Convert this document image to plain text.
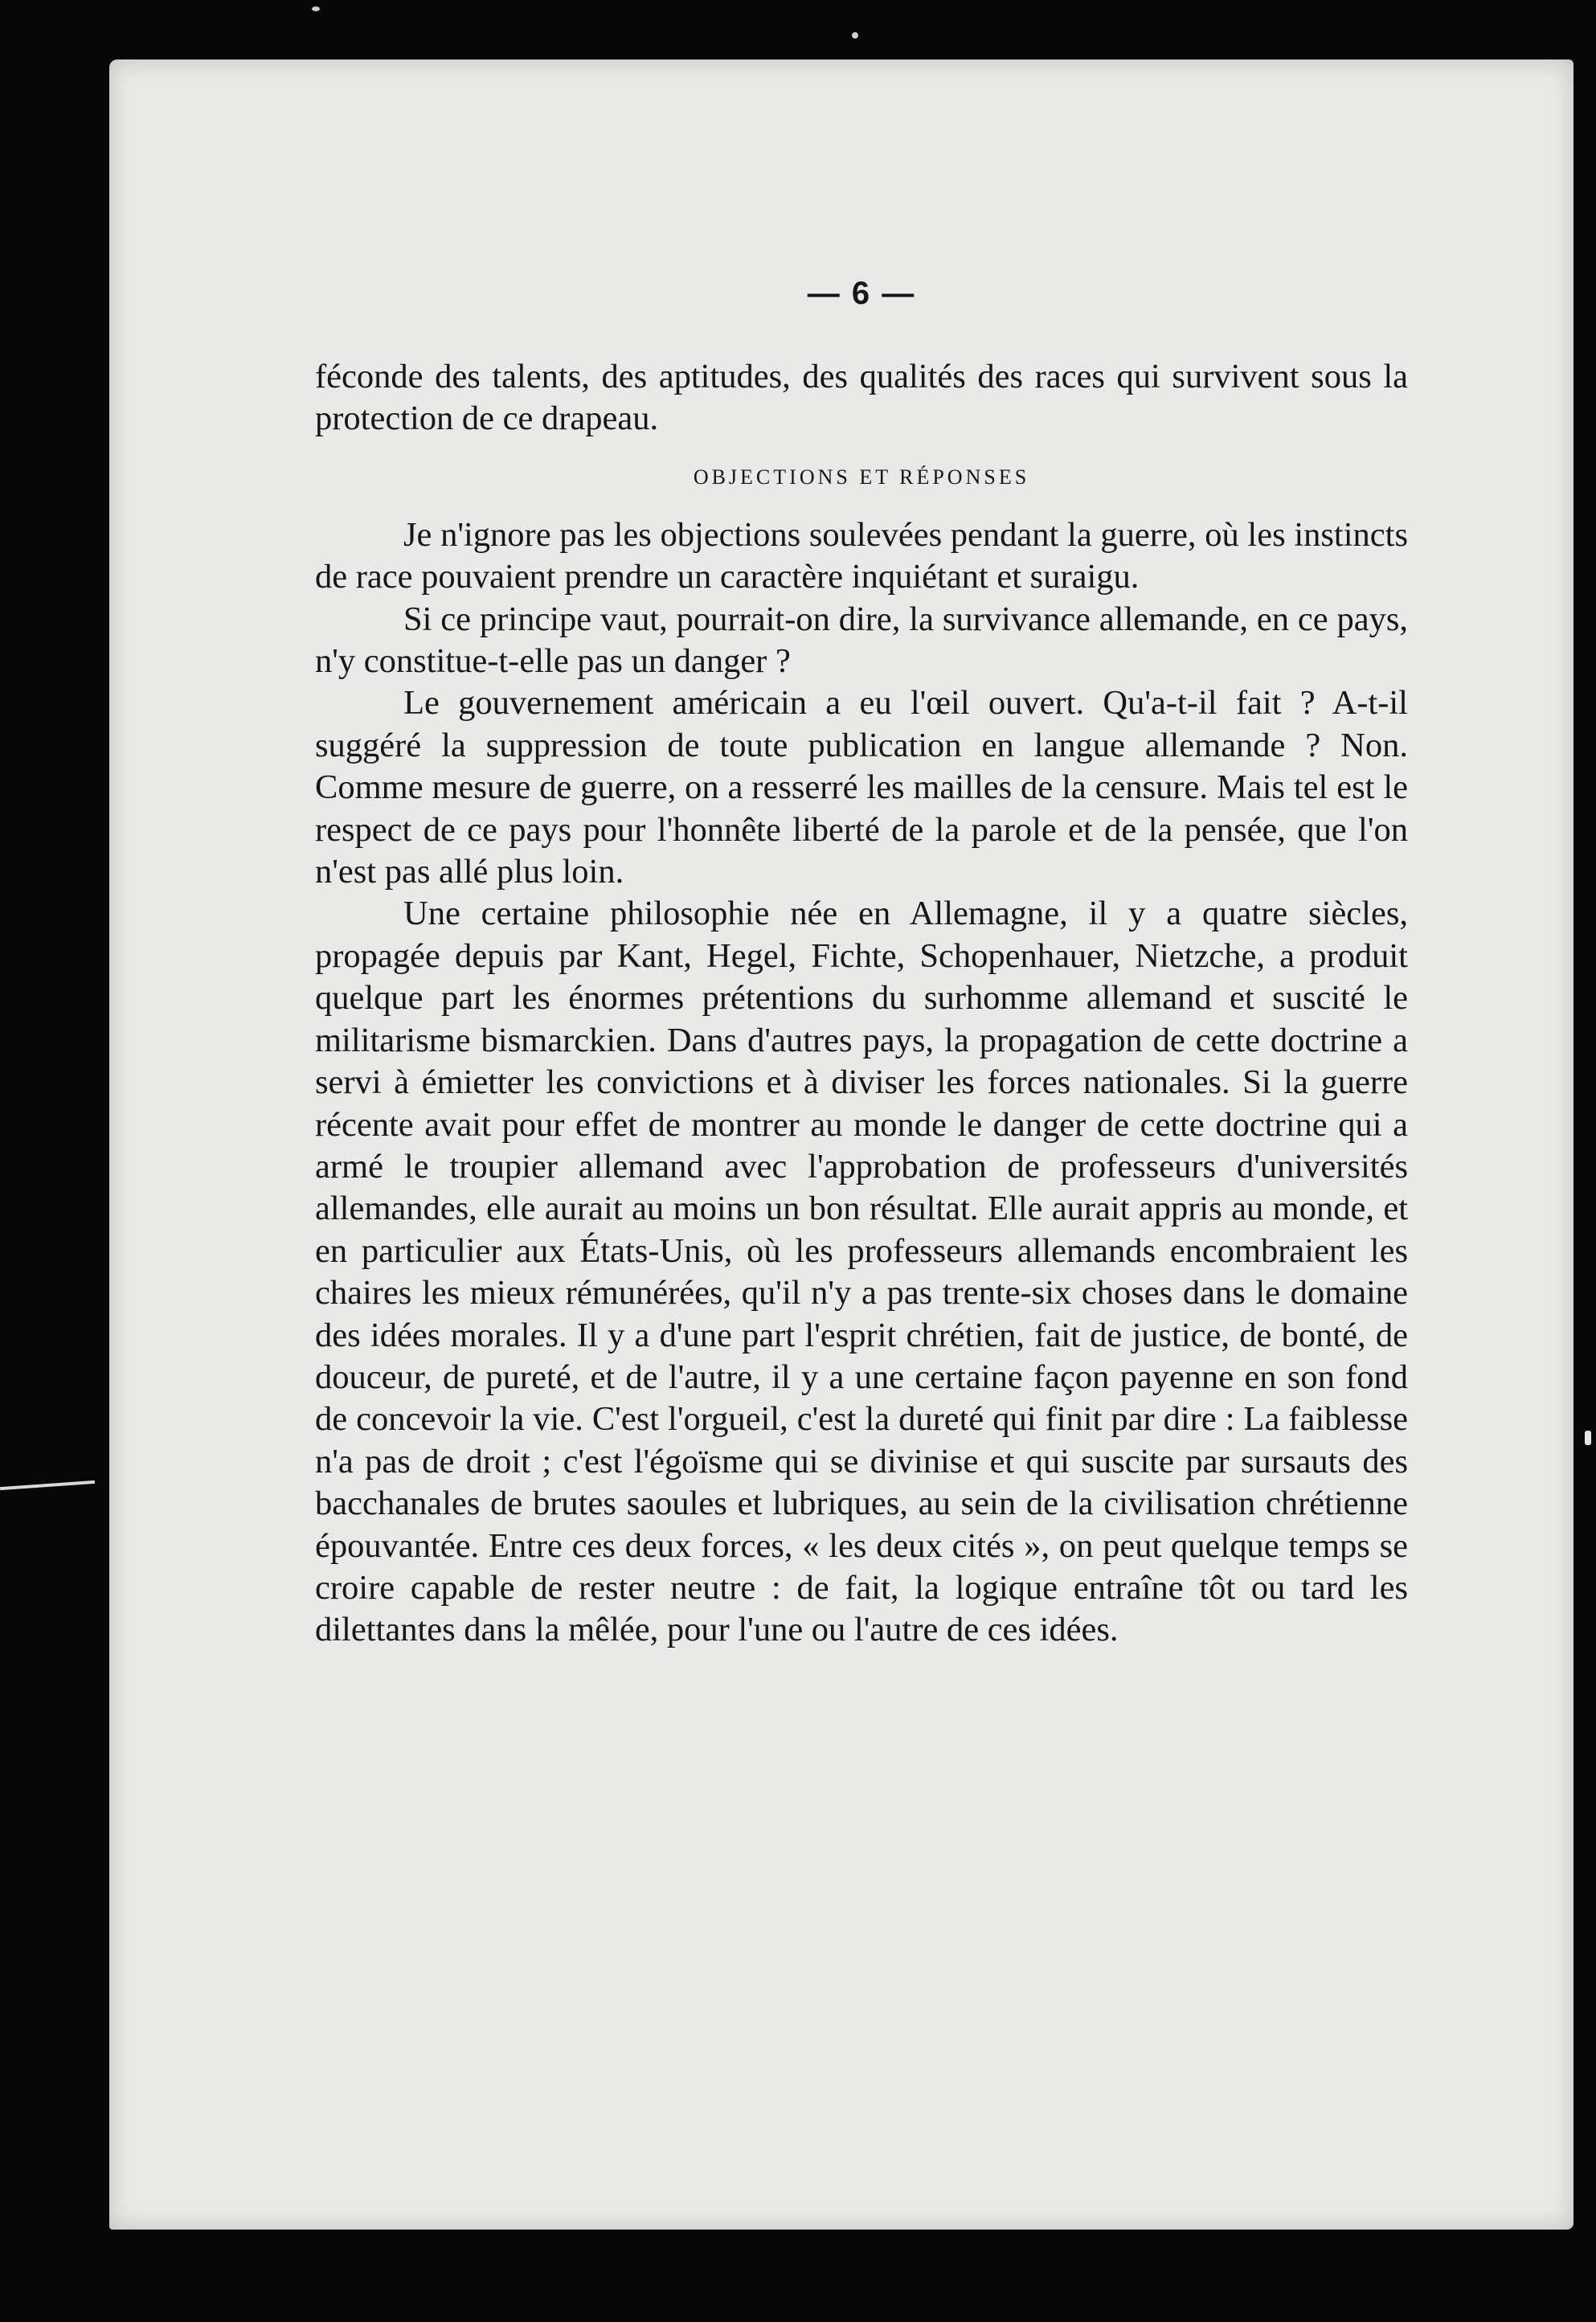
— 6 —

féconde des talents, des aptitudes, des qualités des races qui survivent sous la protection de ce drapeau.

OBJECTIONS ET RÉPONSES

Je n'ignore pas les objections soulevées pendant la guerre, où les instincts de race pouvaient prendre un caractère inquiétant et suraigu.

Si ce principe vaut, pourrait-on dire, la survivance allemande, en ce pays, n'y constitue-t-elle pas un danger ?

Le gouvernement américain a eu l'œil ouvert. Qu'a-t-il fait ? A-t-il suggéré la suppression de toute publication en langue allemande ? Non. Comme mesure de guerre, on a resserré les mailles de la censure. Mais tel est le respect de ce pays pour l'honnête liberté de la parole et de la pensée, que l'on n'est pas allé plus loin.

Une certaine philosophie née en Allemagne, il y a quatre siècles, propagée depuis par Kant, Hegel, Fichte, Schopenhauer, Nietzche, a produit quelque part les énormes prétentions du surhomme allemand et suscité le militarisme bismarckien. Dans d'autres pays, la propagation de cette doctrine a servi à émietter les convictions et à diviser les forces nationales. Si la guerre récente avait pour effet de montrer au monde le danger de cette doctrine qui a armé le troupier allemand avec l'approbation de professeurs d'universités allemandes, elle aurait au moins un bon résultat. Elle aurait appris au monde, et en particulier aux États-Unis, où les professeurs allemands encombraient les chaires les mieux rémunérées, qu'il n'y a pas trente-six choses dans le domaine des idées morales. Il y a d'une part l'esprit chrétien, fait de justice, de bonté, de douceur, de pureté, et de l'autre, il y a une certaine façon payenne en son fond de concevoir la vie. C'est l'orgueil, c'est la dureté qui finit par dire : La faiblesse n'a pas de droit ; c'est l'égoïsme qui se divinise et qui suscite par sursauts des bacchanales de brutes saoules et lubriques, au sein de la civilisation chrétienne épouvantée. Entre ces deux forces, « les deux cités », on peut quelque temps se croire capable de rester neutre : de fait, la logique entraîne tôt ou tard les dilettantes dans la mêlée, pour l'une ou l'autre de ces idées.
